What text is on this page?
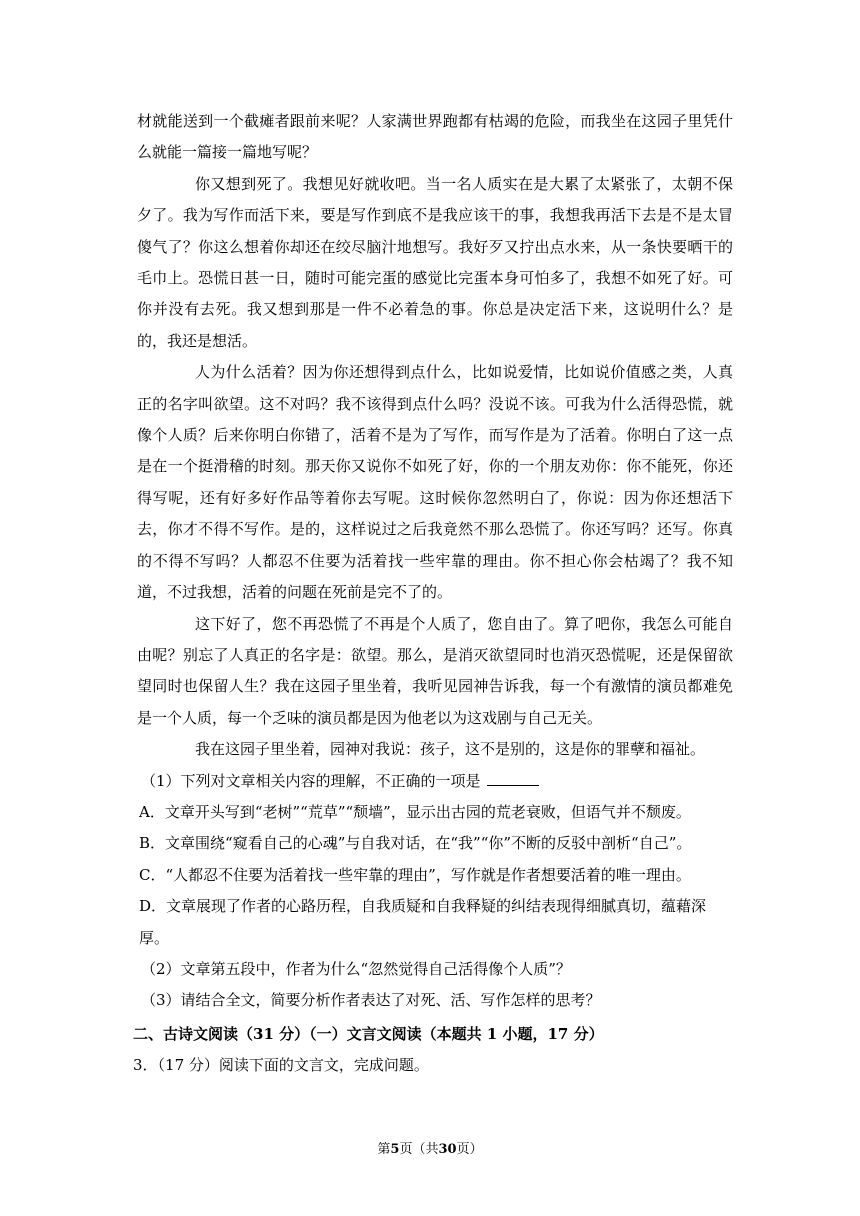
材就能送到一个截瘫者跟前来呢？人家满世界跑都有枯竭的危险，而我坐在这园子里凭什么就能一篇接一篇地写呢？

你又想到死了。我想见好就收吧。当一名人质实在是大累了太紧张了，太朝不保夕了。我为写作而活下来，要是写作到底不是我应该干的事，我想我再活下去是不是太冒傻气了？你这么想着你却还在绞尽脑汁地想写。我好歹又拧出点水来，从一条快要晒干的毛巾上。恐慌日甚一日，随时可能完蛋的感觉比完蛋本身可怕多了，我想不如死了好。可你并没有去死。我又想到那是一件不必着急的事。你总是决定活下来，这说明什么？是的，我还是想活。

人为什么活着？因为你还想得到点什么，比如说爱情，比如说价值感之类，人真正的名字叫欲望。这不对吗？我不该得到点什么吗？没说不该。可我为什么活得恐慌，就像个人质？后来你明白你错了，活着不是为了写作，而写作是为了活着。你明白了这一点是在一个挺滑稽的时刻。那天你又说你不如死了好，你的一个朋友劝你：你不能死，你还得写呢，还有好多好作品等着你去写呢。这时候你忽然明白了，你说：因为你还想活下去，你才不得不写作。是的，这样说过之后我竟然不那么恐慌了。你还写吗？还写。你真的不得不写吗？人都忍不住要为活着找一些牢靠的理由。你不担心你会枯竭了？我不知道，不过我想，活着的问题在死前是完不了的。

这下好了，您不再恐慌了不再是个人质了，您自由了。算了吧你，我怎么可能自由呢？别忘了人真正的名字是：欲望。那么，是消灭欲望同时也消灭恐慌呢，还是保留欲望同时也保留人生？我在这园子里坐着，我听见园神告诉我，每一个有激情的演员都难免是一个人质，每一个乏味的演员都是因为他老以为这戏剧与自己无关。

我在这园子里坐着，园神对我说：孩子，这不是别的，这是你的罪孽和福祉。

（1）下列对文章相关内容的理解，不正确的一项是

A．文章开头写到“老树”“荒草”“颓墙”，显示出古园的荒老衰败，但语气并不颓废。

B．文章围绕“窥看自己的心魂”与自我对话，在“我”“你”不断的反驳中剖析“自己”。

C．“人都忍不住要为活着找一些牢靠的理由”，写作就是作者想要活着的唯一理由。

D．文章展现了作者的心路历程，自我质疑和自我释疑的纠结表现得细腻真切，蕴藉深厚。

（2）文章第五段中，作者为什么“忽然觉得自己活得像个人质”？

（3）请结合全文，简要分析作者表达了对死、活、写作怎样的思考？

二、古诗文阅读（31 分）（一）文言文阅读（本题共 1 小题，17 分）

3．（17 分）阅读下面的文言文，完成问题。

第5页（共30页）
